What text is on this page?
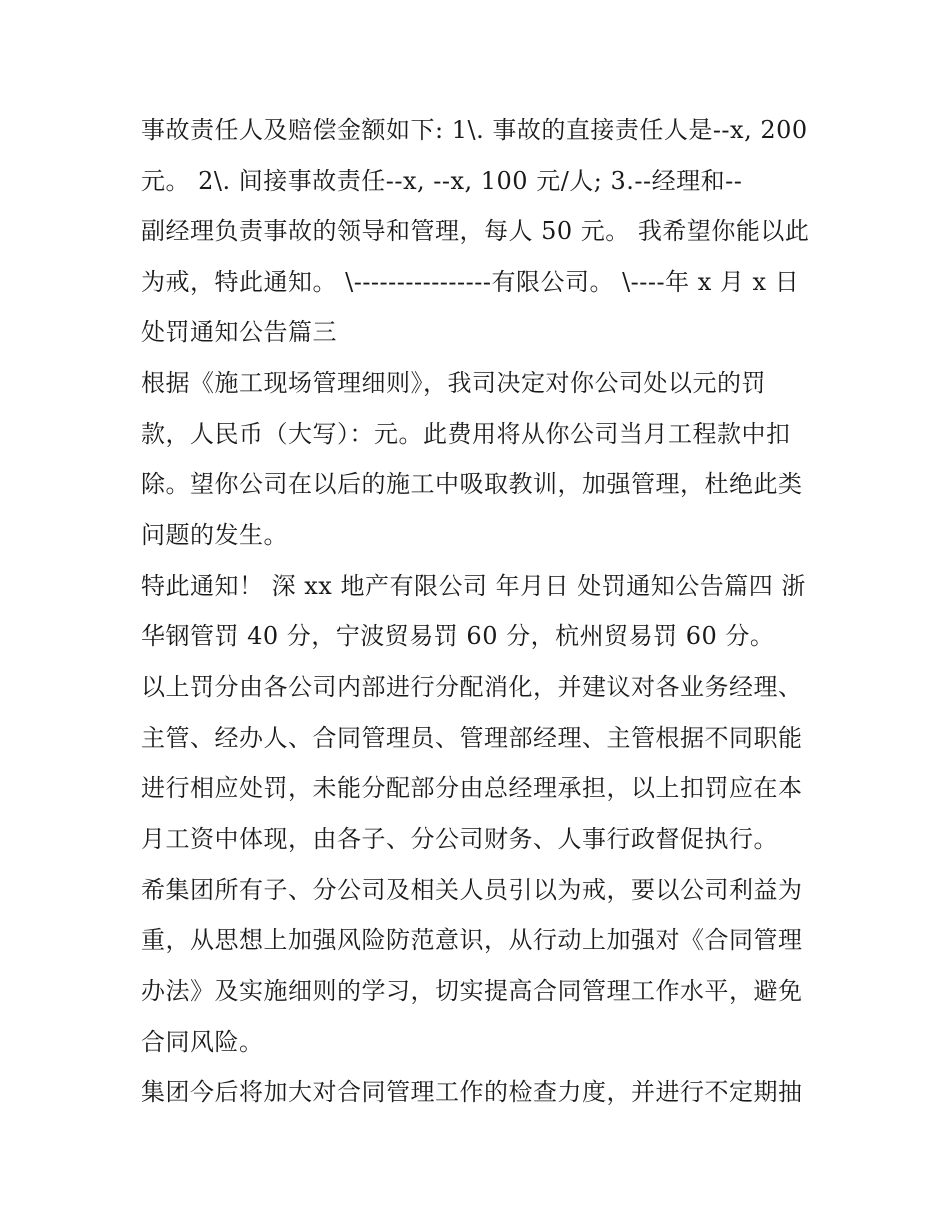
事故责任人及赔偿金额如下: 1\. 事故的直接责任人是--x, 200
元。 2\. 间接事故责任--x, --x, 100 元/人; 3.--经理和--
副经理负责事故的领导和管理，每人 50 元。 我希望你能以此
为戒，特此通知。 \----------------有限公司。 \----年 x 月 x 日
处罚通知公告篇三
根据《施工现场管理细则》，我司决定对你公司处以元的罚
款，人民币（大写）：元。此费用将从你公司当月工程款中扣
除。望你公司在以后的施工中吸取教训，加强管理，杜绝此类
问题的发生。
特此通知！ 深 xx 地产有限公司 年月日 处罚通知公告篇四 浙
华钢管罚 40 分，宁波贸易罚 60 分，杭州贸易罚 60 分。
以上罚分由各公司内部进行分配消化，并建议对各业务经理、
主管、经办人、合同管理员、管理部经理、主管根据不同职能
进行相应处罚，未能分配部分由总经理承担，以上扣罚应在本
月工资中体现，由各子、分公司财务、人事行政督促执行。
希集团所有子、分公司及相关人员引以为戒，要以公司利益为
重，从思想上加强风险防范意识，从行动上加强对《合同管理
办法》及实施细则的学习，切实提高合同管理工作水平，避免
合同风险。
集团今后将加大对合同管理工作的检查力度，并进行不定期抽
